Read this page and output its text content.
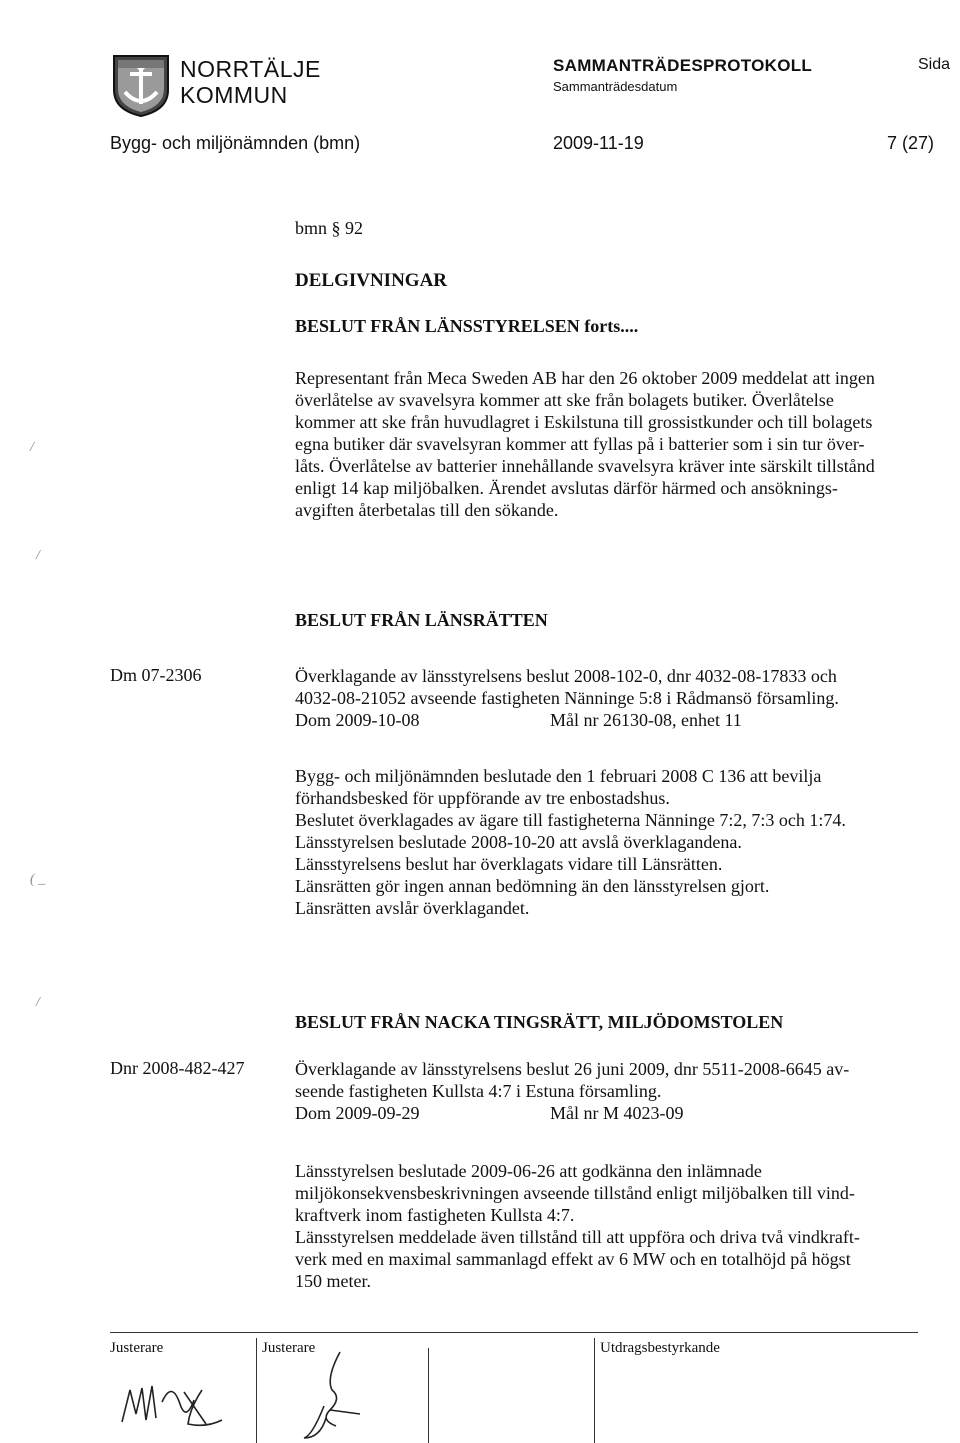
NORRTÄLJE
KOMMUN
SAMMANTRÄDESPROTOKOLL
Sammanträdesdatum
Sida
Bygg- och miljönämnden (bmn)	2009-11-19	7 (27)
bmn § 92
DELGIVNINGAR
BESLUT FRÅN LÄNSSTYRELSEN forts....

Representant från Meca Sweden AB har den 26 oktober 2009 meddelat att ingen

överlåtelse av svavelsyra kommer att ske från bolagets butiker. Överlåtelse

kommer att ske från huvudlagret i Eskilstuna till grossistkunder och till bolagets

egna butiker där svavelsyran kommer att fyllas på i batterier som i sin tur över-

låts. Överlåtelse av batterier innehållande svavelsyra kräver inte särskilt tillstånd

enligt 14 kap miljöbalken. Ärendet avslutas därför härmed och ansöknings-

avgiften återbetalas till den sökande.

BESLUT FRÅN LÄNSRÄTTEN
Dm 07-2306	Överklagande av länsstyrelsens beslut 2008-102-0, dnr 4032-08-17833 och

4032-08-21052 avseende fastigheten Nänninge 5:8 i Rådmansö församling.

Dom 2009-10-08	Mål nr 26130-08, enhet 11

Bygg- och miljönämnden beslutade den 1 februari 2008 C 136 att bevilja

förhandsbesked för uppförande av tre enbostadshus.

Beslutet överklagades av ägare till fastigheterna Nänninge 7:2, 7:3 och 1:74.

Länsstyrelsen beslutade 2008-10-20 att avslå överklagandena.

Länsstyrelsens beslut har överklagats vidare till Länsrätten.

Länsrätten gör ingen annan bedömning än den länsstyrelsen gjort.

Länsrätten avslår överklagandet.

BESLUT FRÅN NACKA TINGSRÄTT, MILJÖDOMSTOLEN
Dnr 2008-482-427	Överklagande av länsstyrelsens beslut 26 juni 2009, dnr 5511-2008-6645 av-

seende fastigheten Kullsta 4:7 i Estuna församling.

Dom 2009-09-29	Mål nr M 4023-09

Länsstyrelsen beslutade 2009-06-26 att godkänna den inlämnade

miljökonsekvensbeskrivningen avseende tillstånd enligt miljöbalken till vind-

kraftverk inom fastigheten Kullsta 4:7.

Länsstyrelsen meddelade även tillstånd till att uppföra och driva två vindkraft-

verk med en maximal sammanlagd effekt av 6 MW och en totalhöjd på högst

150 meter.

Justerare	Justerare	Utdragsbestyrkande
/
/
( _
/
